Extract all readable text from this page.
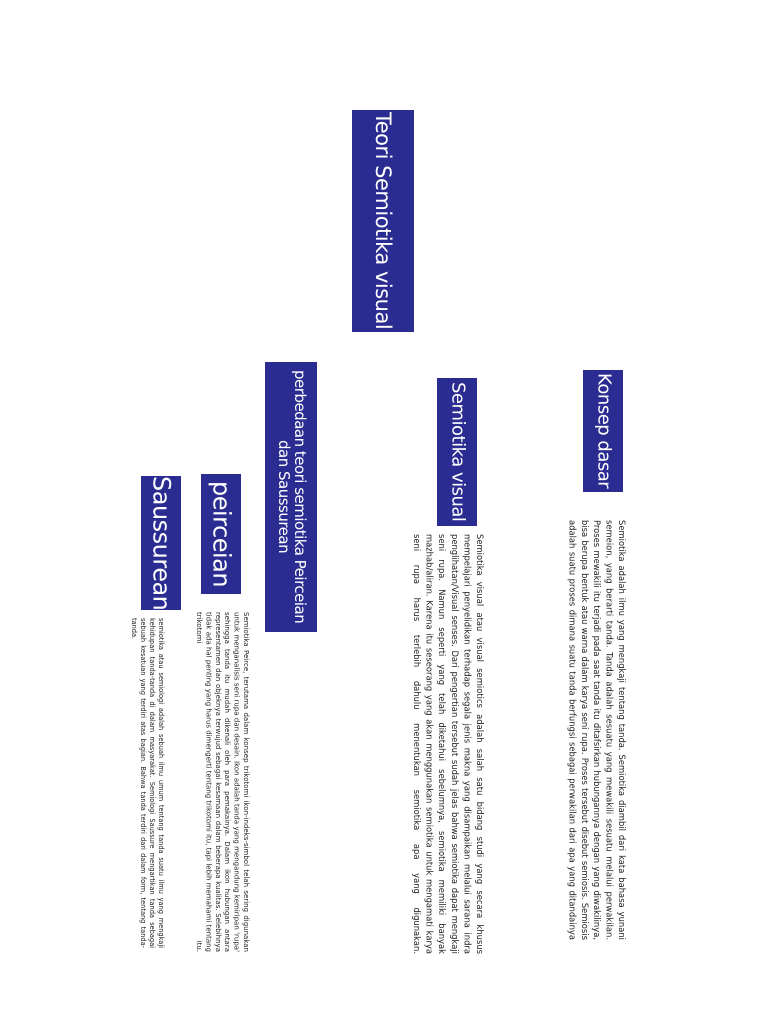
Teori Semiotika visual
Konsep dasar
Semiotika adalah ilmu yang mengkaji tentang tanda. Semiotika diambil dari kata bahasa yunani semeion, yang berarti tanda. Tanda adalah sesuatu yang mewakili sesuatu melalui perwakilan. Proses mewakili itu terjadi pada saat tanda itu ditafsirkan hubungannya dengan yang diwakilinya, bisa berupa bentuk atau warna dalam karya seni rupa. Proses tersebut disebut semiosis. Semiosis adalah suatu proses dimana suatu tanda berfungsi sebagai perwakilan dari apa yang ditandainya
Semiotika visual
Semiotika visual atau visual semiotics adalah salah satu bidang studi yang secara khusus mempelajari penyelidikan terhadap segala jenis makna yang disampaikan melalui sarana indra penglihatan/Visual senses. Dari pengertian tersebut sudah jelas bahwa semiotika dapat mengkaji seni rupa. Namun seperti yang telah diketahui sebelumnya, semiotika memiliki banyak mazhab/aliran. Karena itu seseorang yang akan menggunakan semiotika untuk mengamati karya seni rupa harus terlebih dahulu menentukan semiotika apa yang digunakan.
perbedaan teori semiotika Peirceian dan Saussurean
peirceian
Semiotika Peirce, terutama dalam konsep trikotomi ikon-indeks-simbol telah sering digunakan untuk menganalisis seni rupa dan desain. Ikon adalah tanda yang mengandung kemiripan 'rupa' sehingga tanda itu mudah dikenali oleh para pemakainya. Dalam ikon hubungan antara representamen dan objeknya terwujud sebagai kesamaan dalam beberapa kualitas. Selebihnya tidak ada hal penting yang harus dimengerti tentang trikotomi itu, tapi lebih memahami tentang trikotomi itu.
Saussurean
semiotika atau semiologi adalah sebuah ilmu umum tentang tanda suatu ilmu yang mengkaji kehidupan tanda-tanda di dalam masyarakat. Semiologi Saussure mengartikan tanda sebagai sebuah kesatuan yang terdiri atas bagian. Bahwa tanda terdiri dari dalam form, tentang tanda-tanda.
